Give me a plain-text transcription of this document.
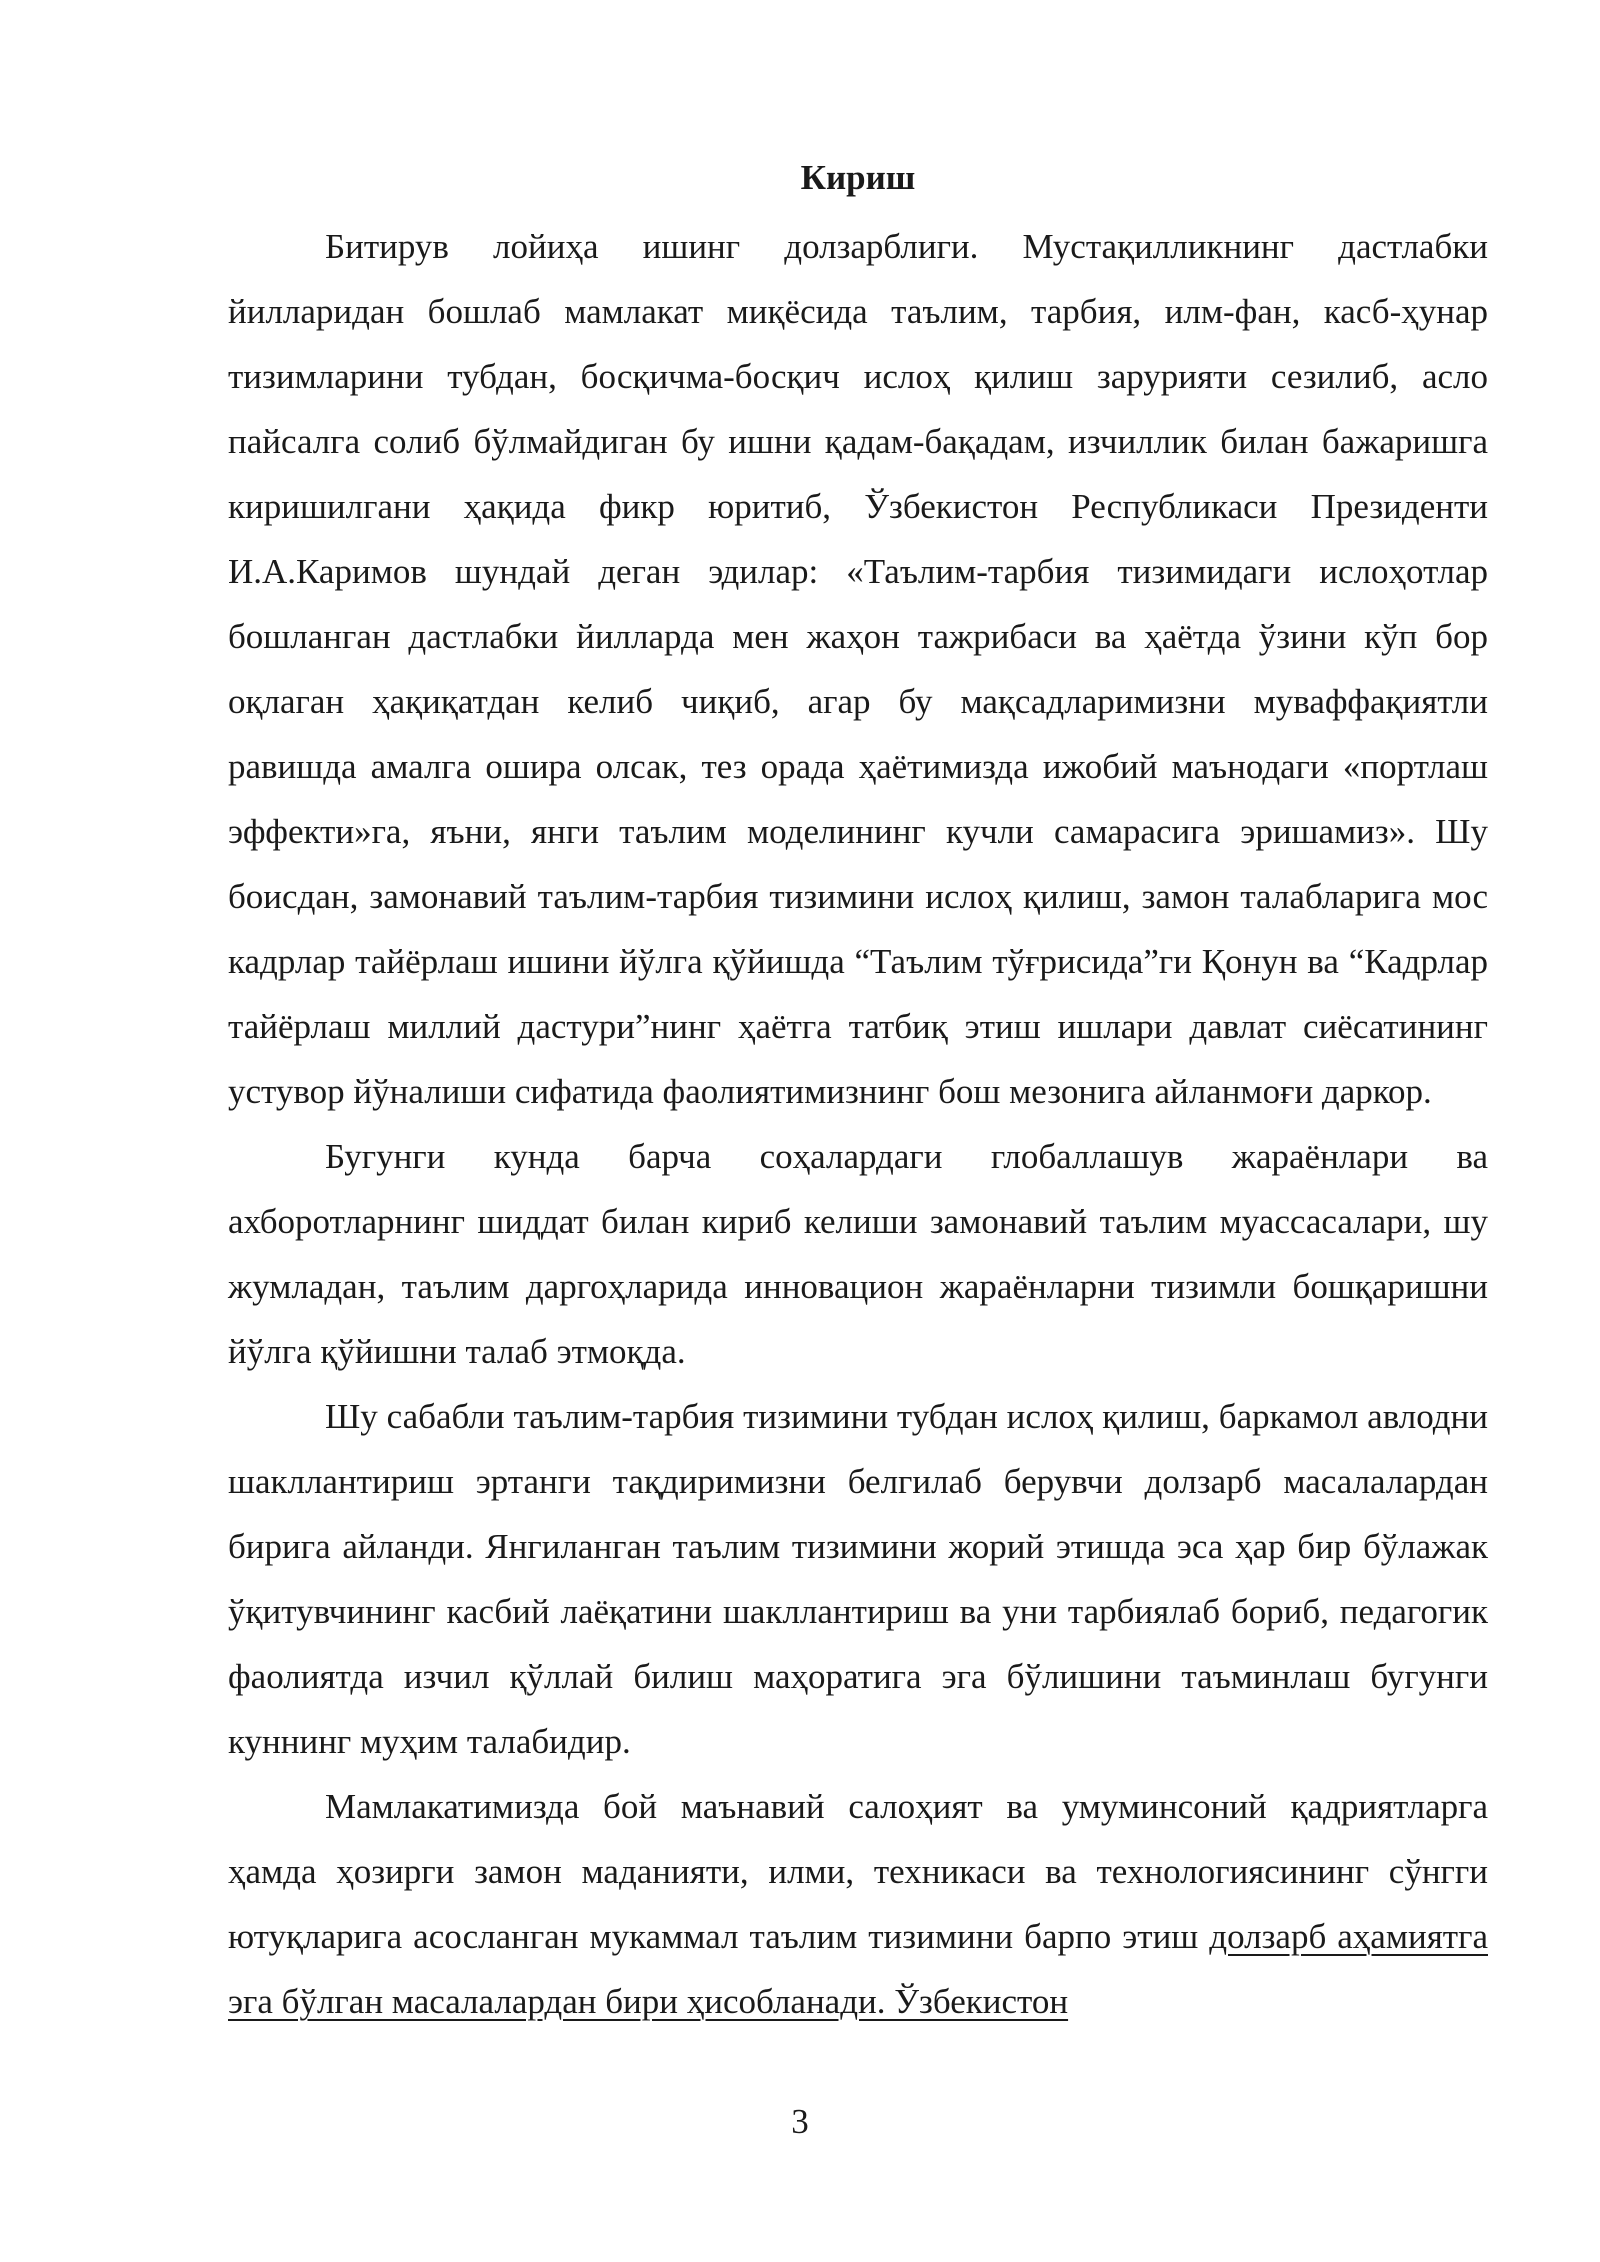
Кириш

Битирув лойиҳа ишинг долзарблиги. Мустақилликнинг дастлабки йилларидан бошлаб мамлакат миқёсида таълим, тарбия, илм-фан, касб-ҳунар тизимларини тубдан, босқичма-босқич ислоҳ қилиш зарурияти сезилиб, асло пайсалга солиб бўлмайдиган бу ишни қадам-бақадам, изчиллик билан бажаришга киришилгани ҳақида фикр юритиб, Ўзбекистон Республикаси Президенти И.А.Каримов шундай деган эдилар: «Таълим-тарбия тизимидаги ислоҳотлар бошланган дастлабки йилларда мен жаҳон тажрибаси ва ҳаётда ўзини кўп бор оқлаган ҳақиқатдан келиб чиқиб, агар бу мақсадларимизни муваффақиятли равишда амалга ошира олсак, тез орада ҳаётимизда ижобий маънодаги «портлаш эффекти»га, яъни, янги таълим моделининг кучли самарасига эришамиз». Шу боисдан, замонавий таълим-тарбия тизимини ислоҳ қилиш, замон талабларига мос кадрлар тайёрлаш ишини йўлга қўйишда “Таълим тўғрисида”ги Қонун ва “Кадрлар тайёрлаш миллий дастури”нинг ҳаётга татбиқ этиш ишлари давлат сиёсатининг устувор йўналиши сифатида фаолиятимизнинг бош мезонига айланмоғи даркор.

Бугунги кунда барча соҳалардаги глобаллашув жараёнлари ва ахборотларнинг шиддат билан кириб келиши замонавий таълим муассасалари, шу жумладан, таълим даргоҳларида инновацион жараёнларни тизимли бошқаришни йўлга қўйишни талаб этмоқда.

Шу сабабли таълим-тарбия тизимини тубдан ислоҳ қилиш, баркамол авлодни шакллантириш эртанги тақдиримизни белгилаб берувчи долзарб масалалардан бирига айланди. Янгиланган таълим тизимини жорий этишда эса ҳар бир бўлажак ўқитувчининг касбий лаёқатини шакллантириш ва уни тарбиялаб бориб, педагогик фаолиятда изчил қўллай билиш маҳоратига эга бўлишини таъминлаш бугунги куннинг муҳим талабидир.

Мамлакатимизда бой маънавий салоҳият ва умуминсоний қадриятларга ҳамда ҳозирги замон маданияти, илми, техникаси ва технологиясининг сўнгги ютуқларига асосланган мукаммал таълим тизимини барпо этиш долзарб аҳамиятга эга бўлган масалалардан бири ҳисобланади. Ўзбекистон

3
